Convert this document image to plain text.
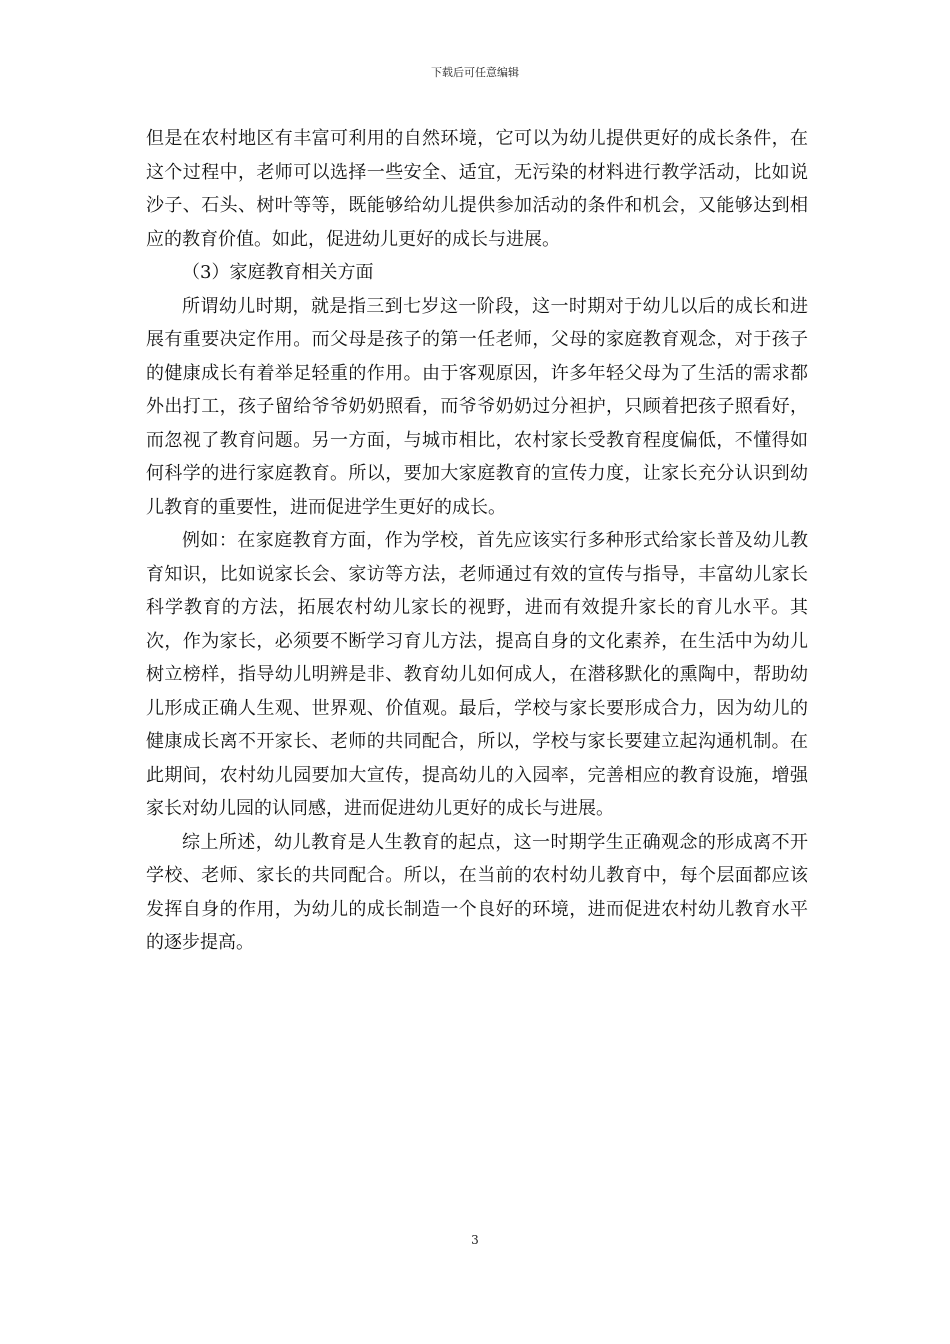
下载后可任意编辑

但是在农村地区有丰富可利用的自然环境，它可以为幼儿提供更好的成长条件，在这个过程中，老师可以选择一些安全、适宜，无污染的材料进行教学活动，比如说沙子、石头、树叶等等，既能够给幼儿提供参加活动的条件和机会，又能够达到相应的教育价值。如此，促进幼儿更好的成长与进展。

（3）家庭教育相关方面

所谓幼儿时期，就是指三到七岁这一阶段，这一时期对于幼儿以后的成长和进展有重要决定作用。而父母是孩子的第一任老师，父母的家庭教育观念，对于孩子的健康成长有着举足轻重的作用。由于客观原因，许多年轻父母为了生活的需求都外出打工，孩子留给爷爷奶奶照看，而爷爷奶奶过分袒护，只顾着把孩子照看好，而忽视了教育问题。另一方面，与城市相比，农村家长受教育程度偏低，不懂得如何科学的进行家庭教育。所以，要加大家庭教育的宣传力度，让家长充分认识到幼儿教育的重要性，进而促进学生更好的成长。

例如：在家庭教育方面，作为学校，首先应该实行多种形式给家长普及幼儿教育知识，比如说家长会、家访等方法，老师通过有效的宣传与指导，丰富幼儿家长科学教育的方法，拓展农村幼儿家长的视野，进而有效提升家长的育儿水平。其次，作为家长，必须要不断学习育儿方法，提高自身的文化素养，在生活中为幼儿树立榜样，指导幼儿明辨是非、教育幼儿如何成人，在潜移默化的熏陶中，帮助幼儿形成正确人生观、世界观、价值观。最后，学校与家长要形成合力，因为幼儿的健康成长离不开家长、老师的共同配合，所以，学校与家长要建立起沟通机制。在此期间，农村幼儿园要加大宣传，提高幼儿的入园率，完善相应的教育设施，增强家长对幼儿园的认同感，进而促进幼儿更好的成长与进展。

综上所述，幼儿教育是人生教育的起点，这一时期学生正确观念的形成离不开学校、老师、家长的共同配合。所以，在当前的农村幼儿教育中，每个层面都应该发挥自身的作用，为幼儿的成长制造一个良好的环境，进而促进农村幼儿教育水平的逐步提高。

3
